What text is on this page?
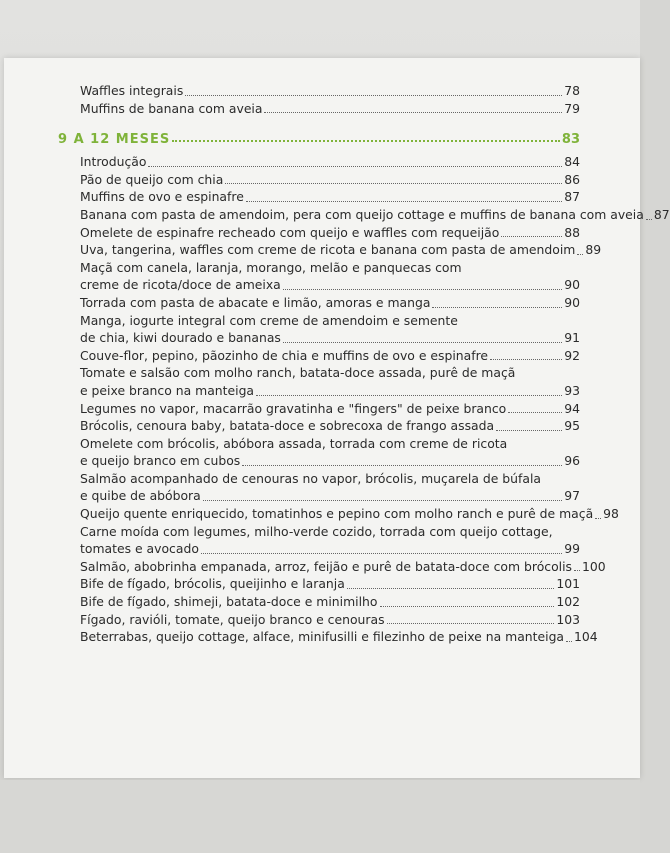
Waffles integrais	78
Muffins de banana com aveia	79
9 A 12 MESES	83
Introdução	84
Pão de queijo com chia	86
Muffins de ovo e espinafre	87
Banana com pasta de amendoim, pera com queijo cottage e muffins de banana com aveia 87
Omelete de espinafre recheado com queijo e waffles com requeijão	88
Uva, tangerina, waffles com creme de ricota e banana com pasta de amendoim 89
Maçã com canela, laranja, morango, melão e panquecas com
creme de ricota/doce de ameixa	90
Torrada com pasta de abacate e limão, amoras e manga	90
Manga, iogurte integral com creme de amendoim e semente
de chia, kiwi dourado e bananas	91
Couve-flor, pepino, pãozinho de chia e muffins de ovo e espinafre	92
Tomate e salsão com molho ranch, batata-doce assada, purê de maçã
e peixe branco na manteiga	93
Legumes no vapor, macarrão gravatinha e "fingers" de peixe branco	94
Brócolis, cenoura baby, batata-doce e sobrecoxa de frango assada	95
Omelete com brócolis, abóbora assada, torrada com creme de ricota
e queijo branco em cubos	96
Salmão acompanhado de cenouras no vapor, brócolis, muçarela de búfala
e quibe de abóbora	97
Queijo quente enriquecido, tomatinhos e pepino com molho ranch e purê de maçã 98
Carne moída com legumes, milho-verde cozido, torrada com queijo cottage,
tomates e avocado	99
Salmão, abobrinha empanada, arroz, feijão e purê de batata-doce com brócolis 100
Bife de fígado, brócolis, queijinho e laranja	101
Bife de fígado, shimeji, batata-doce e minimilho	102
Fígado, ravióli, tomate, queijo branco e cenouras	103
Beterrabas, queijo cottage, alface, minifusilli e filezinho de peixe na manteiga 104
